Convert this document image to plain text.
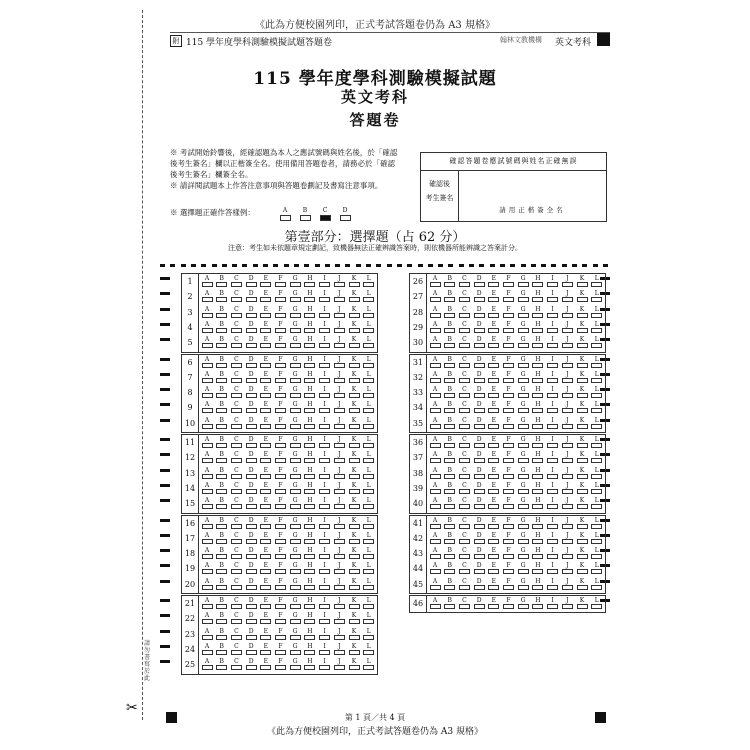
《此為方便校園列印，正式考試答題卷仍為 A3 規格》
附 115 學年度學科測驗模擬試題答題卷	翰林文教機構 英文考科
請勿書寫於此
✂
115 學年度學科測驗模擬試題
英文考科
答題卷

※ 考試開始鈴響後，經確認題為本人之應試號碼與姓名後，於「確認後考生簽名」欄以正楷簽全名。使用備用答題卷者，請務必於「確認後考生簽名」欄簽全名。

※ 請詳閱試題本上作答注意事項與答題卷劃記及書寫注意事項。

※ 選擇題正確作答樣例：	A	B	C	D
確認答題卷應試號碼與姓名正確無誤
確認後
考生簽名
請用正楷簽全名
第壹部分：選擇題（占 62 分）
注意：考生如未依題章規定劃記，致機器無法正確辨識答案時，則依機器所能辨識之答案計分。
1	A	B	C	D	E	F	G	H	I	J	K	L
2	A	B	C	D	E	F	G	H	I	J	K	L
3	A	B	C	D	E	F	G	H	I	J	K	L
4	A	B	C	D	E	F	G	H	I	J	K	L
5	A	B	C	D	E	F	G	H	I	J	K	L
6	A	B	C	D	E	F	G	H	I	J	K	L
7	A	B	C	D	E	F	G	H	I	J	K	L
8	A	B	C	D	E	F	G	H	I	J	K	L
9	A	B	C	D	E	F	G	H	I	J	K	L
10	A	B	C	D	E	F	G	H	I	J	K	L
11	A	B	C	D	E	F	G	H	I	J	K	L
12	A	B	C	D	E	F	G	H	I	J	K	L
13	A	B	C	D	E	F	G	H	I	J	K	L
14	A	B	C	D	E	F	G	H	I	J	K	L
15	A	B	C	D	E	F	G	H	I	J	K	L
16	A	B	C	D	E	F	G	H	I	J	K	L
17	A	B	C	D	E	F	G	H	I	J	K	L
18	A	B	C	D	E	F	G	H	I	J	K	L
19	A	B	C	D	E	F	G	H	I	J	K	L
20	A	B	C	D	E	F	G	H	I	J	K	L
21	A	B	C	D	E	F	G	H	I	J	K	L
22	A	B	C	D	E	F	G	H	I	J	K	L
23	A	B	C	D	E	F	G	H	I	J	K	L
24	A	B	C	D	E	F	G	H	I	J	K	L
25	A	B	C	D	E	F	G	H	I	J	K	L
26	A	B	C	D	E	F	G	H	I	J	K	L
27	A	B	C	D	E	F	G	H	I	J	K	L
28	A	B	C	D	E	F	G	H	I	J	K	L
29	A	B	C	D	E	F	G	H	I	J	K	L
30	A	B	C	D	E	F	G	H	I	J	K	L
31	A	B	C	D	E	F	G	H	I	J	K	L
32	A	B	C	D	E	F	G	H	I	J	K	L
33	A	B	C	D	E	F	G	H	I	J	K	L
34	A	B	C	D	E	F	G	H	I	J	K	L
35	A	B	C	D	E	F	G	H	I	J	K	L
36	A	B	C	D	E	F	G	H	I	J	K	L
37	A	B	C	D	E	F	G	H	I	J	K	L
38	A	B	C	D	E	F	G	H	I	J	K	L
39	A	B	C	D	E	F	G	H	I	J	K	L
40	A	B	C	D	E	F	G	H	I	J	K	L
41	A	B	C	D	E	F	G	H	I	J	K	L
42	A	B	C	D	E	F	G	H	I	J	K	L
43	A	B	C	D	E	F	G	H	I	J	K	L
44	A	B	C	D	E	F	G	H	I	J	K	L
45	A	B	C	D	E	F	G	H	I	J	K	L
46	A	B	C	D	E	F	G	H	I	J	K	L
第 1 頁／共 4 頁
《此為方便校園列印，正式考試答題卷仍為 A3 規格》
